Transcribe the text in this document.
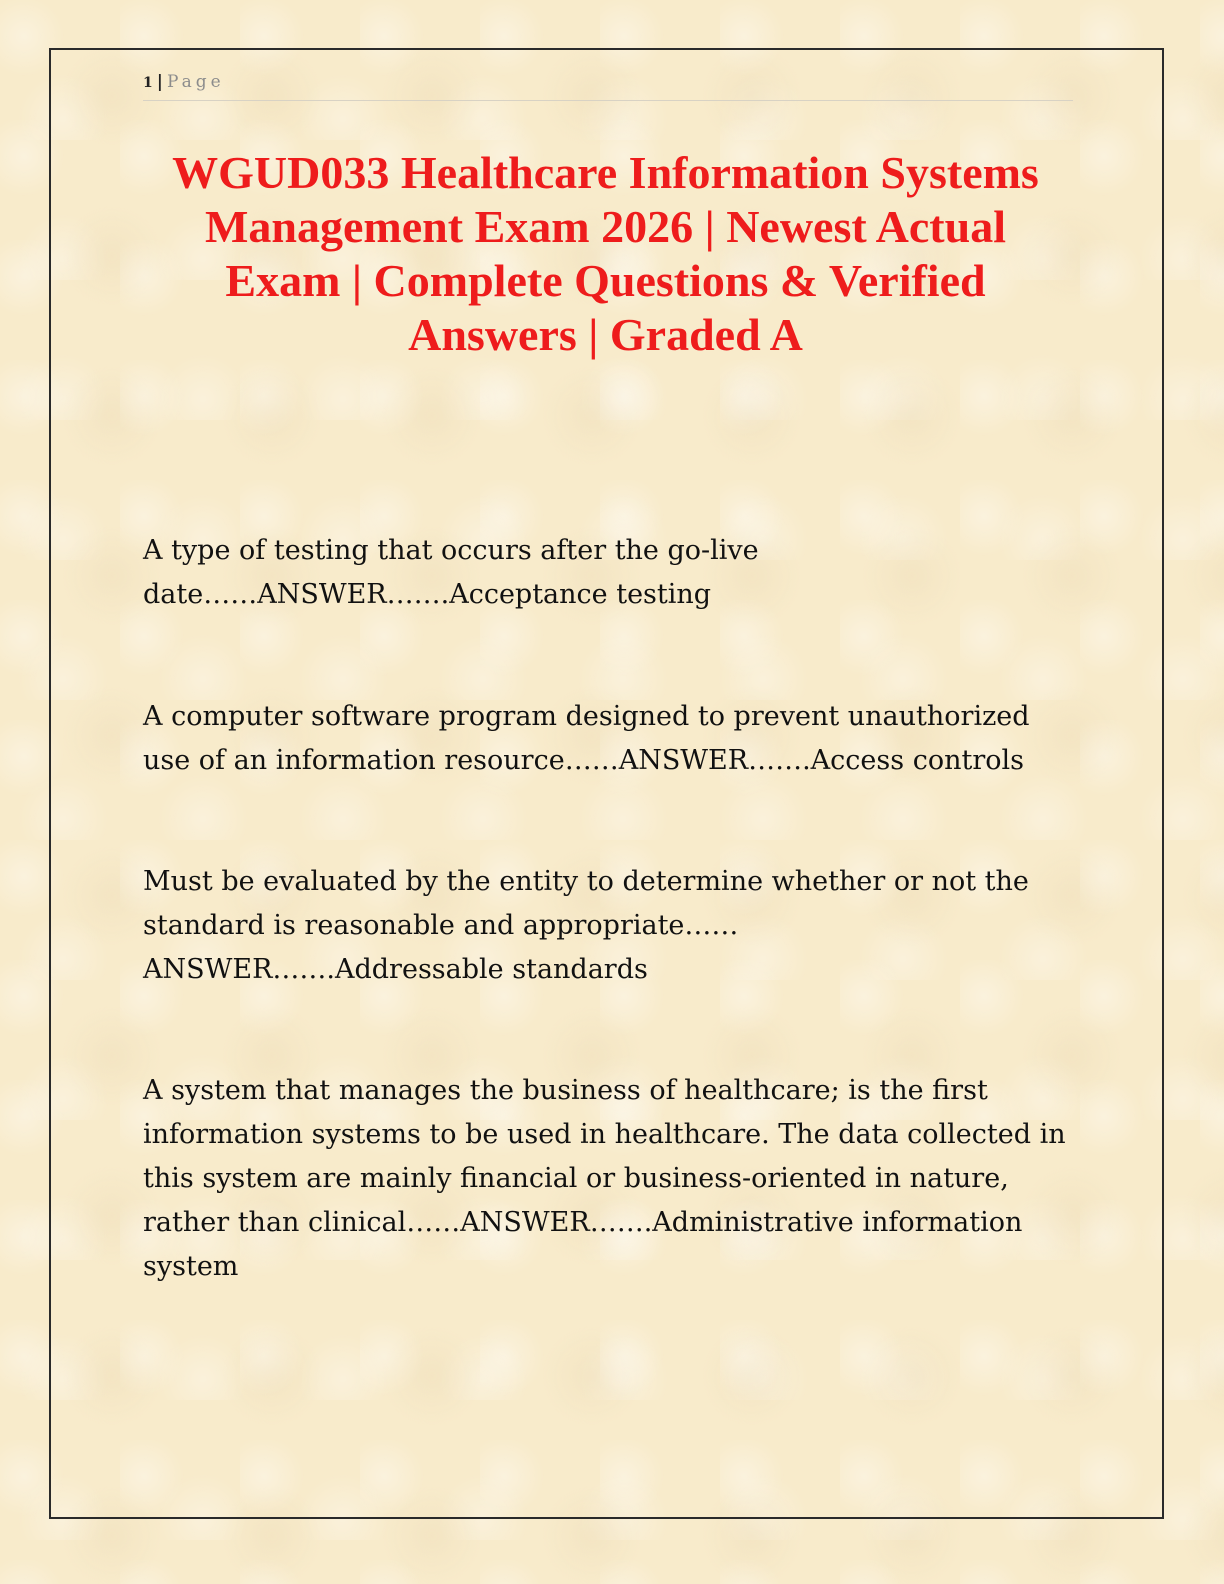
1 | Page
WGUD033 Healthcare Information Systems Management Exam 2026 | Newest Actual Exam | Complete Questions & Verified Answers | Graded A

A type of testing that occurs after the go-live date……ANSWER…….Acceptance testing

A computer software program designed to prevent unauthorized use of an information resource……ANSWER…….Access controls

Must be evaluated by the entity to determine whether or not the standard is reasonable and appropriate……ANSWER…….Addressable standards

A system that manages the business of healthcare; is the first information systems to be used in healthcare. The data collected in this system are mainly financial or business-oriented in nature, rather than clinical……ANSWER…….Administrative information system
